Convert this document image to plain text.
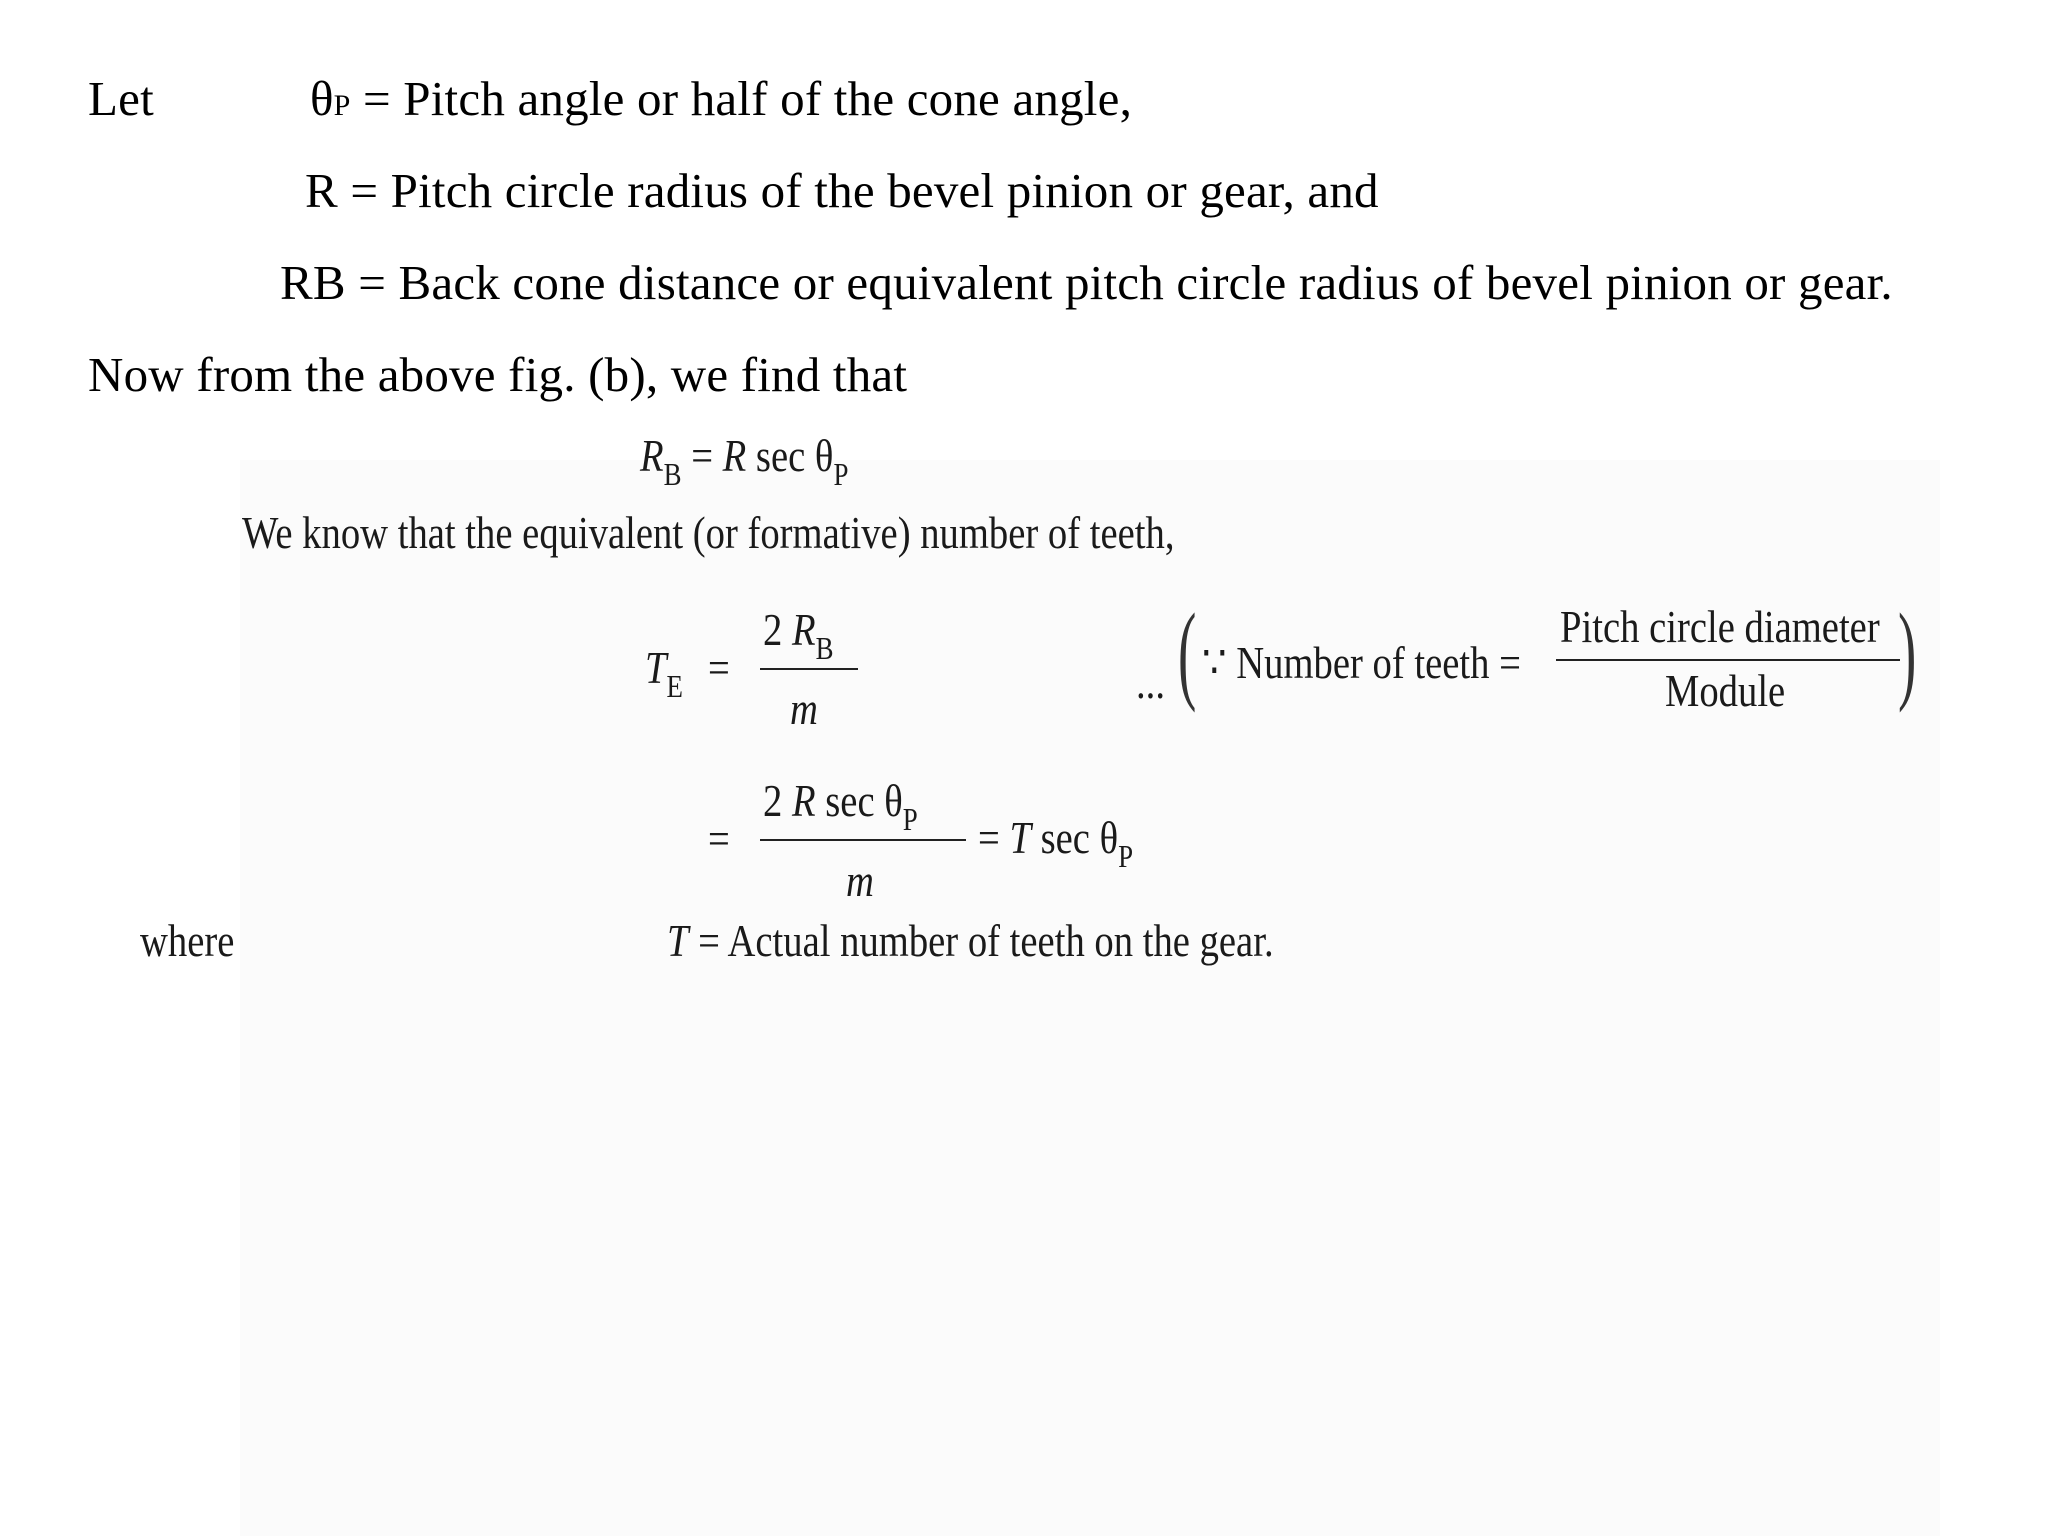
Let	θP = Pitch angle or half of the cone angle,
R = Pitch circle radius of the bevel pinion or gear, and
RB = Back cone distance or equivalent pitch circle radius of bevel pinion or gear.
Now from the above fig. (b), we find that
$R_B = R$ $\sec \theta_P$
We know that the equivalent (or formative) number of teeth,
$T_E$ =
2 $R_B$
m
... ( ∵ Number of teeth =
Pitch circle diameter
Module )
=
2 R $\sec \theta_P$
m
= T $\sec \theta_P$
where	T = Actual number of teeth on the gear.
